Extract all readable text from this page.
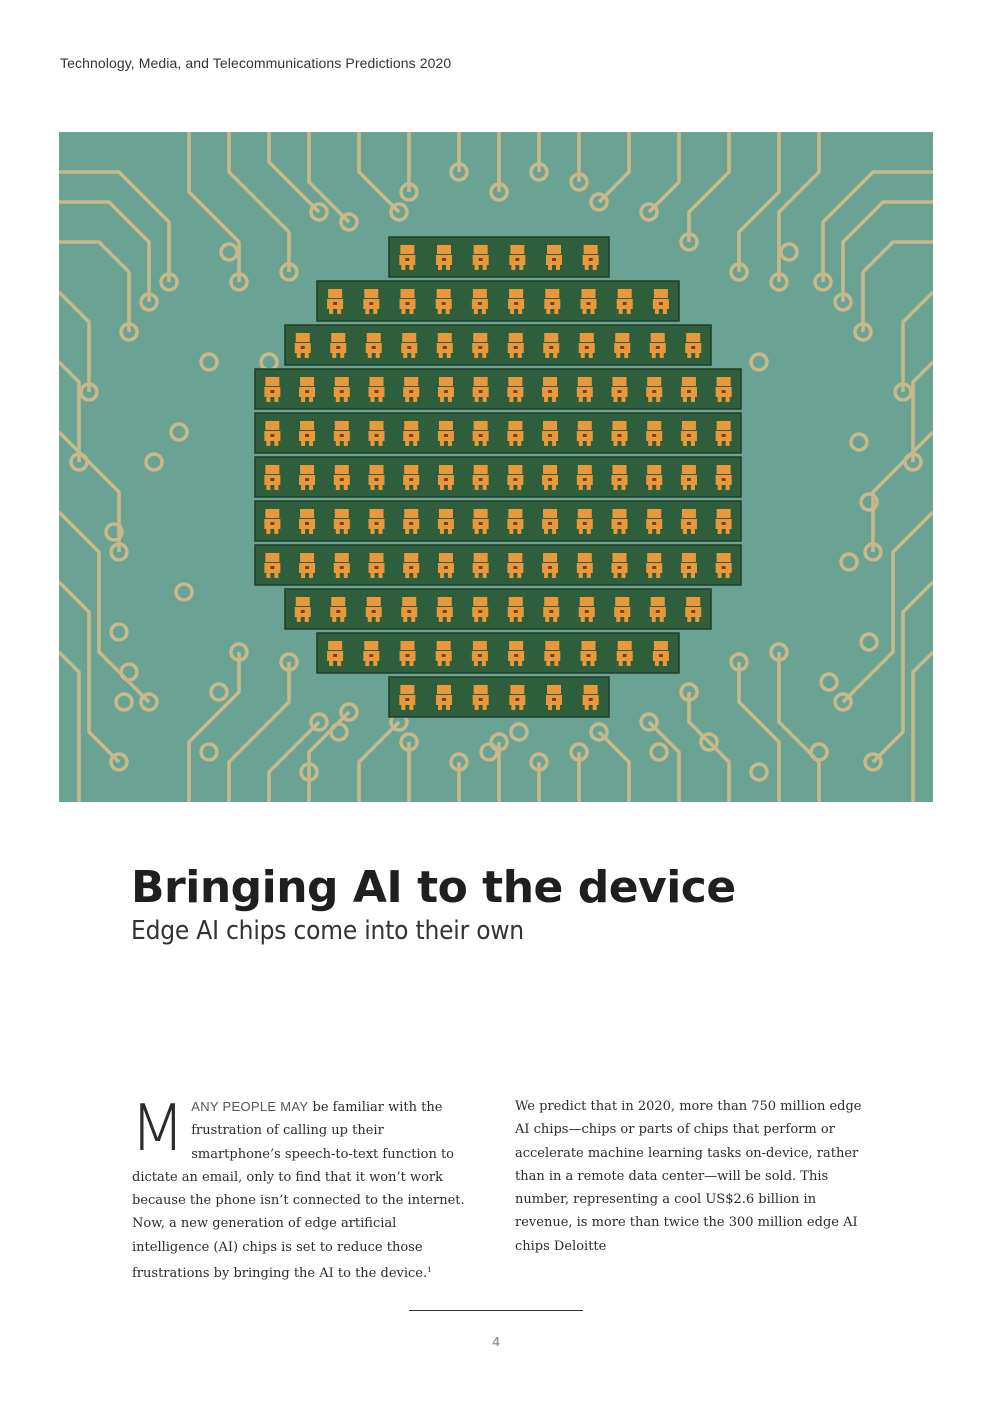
Technology, Media, and Telecommunications Predictions 2020
Bringing AI to the device
Edge AI chips come into their own
MANY PEOPLE MAY be familiar with the frustration of calling up their smartphone’s speech-to-text function to dictate an email, only to find that it won’t work because the phone isn’t connected to the internet. Now, a new generation of edge artificial intelligence (AI) chips is set to reduce those frustrations by bringing the AI to the device.$^1$
We predict that in 2020, more than 750 million edge AI chips—chips or parts of chips that perform or accelerate machine learning tasks on-device, rather than in a remote data center—will be sold. This number, representing a cool US$2.6 billion in revenue, is more than twice the 300 million edge AI chips Deloitte
4
